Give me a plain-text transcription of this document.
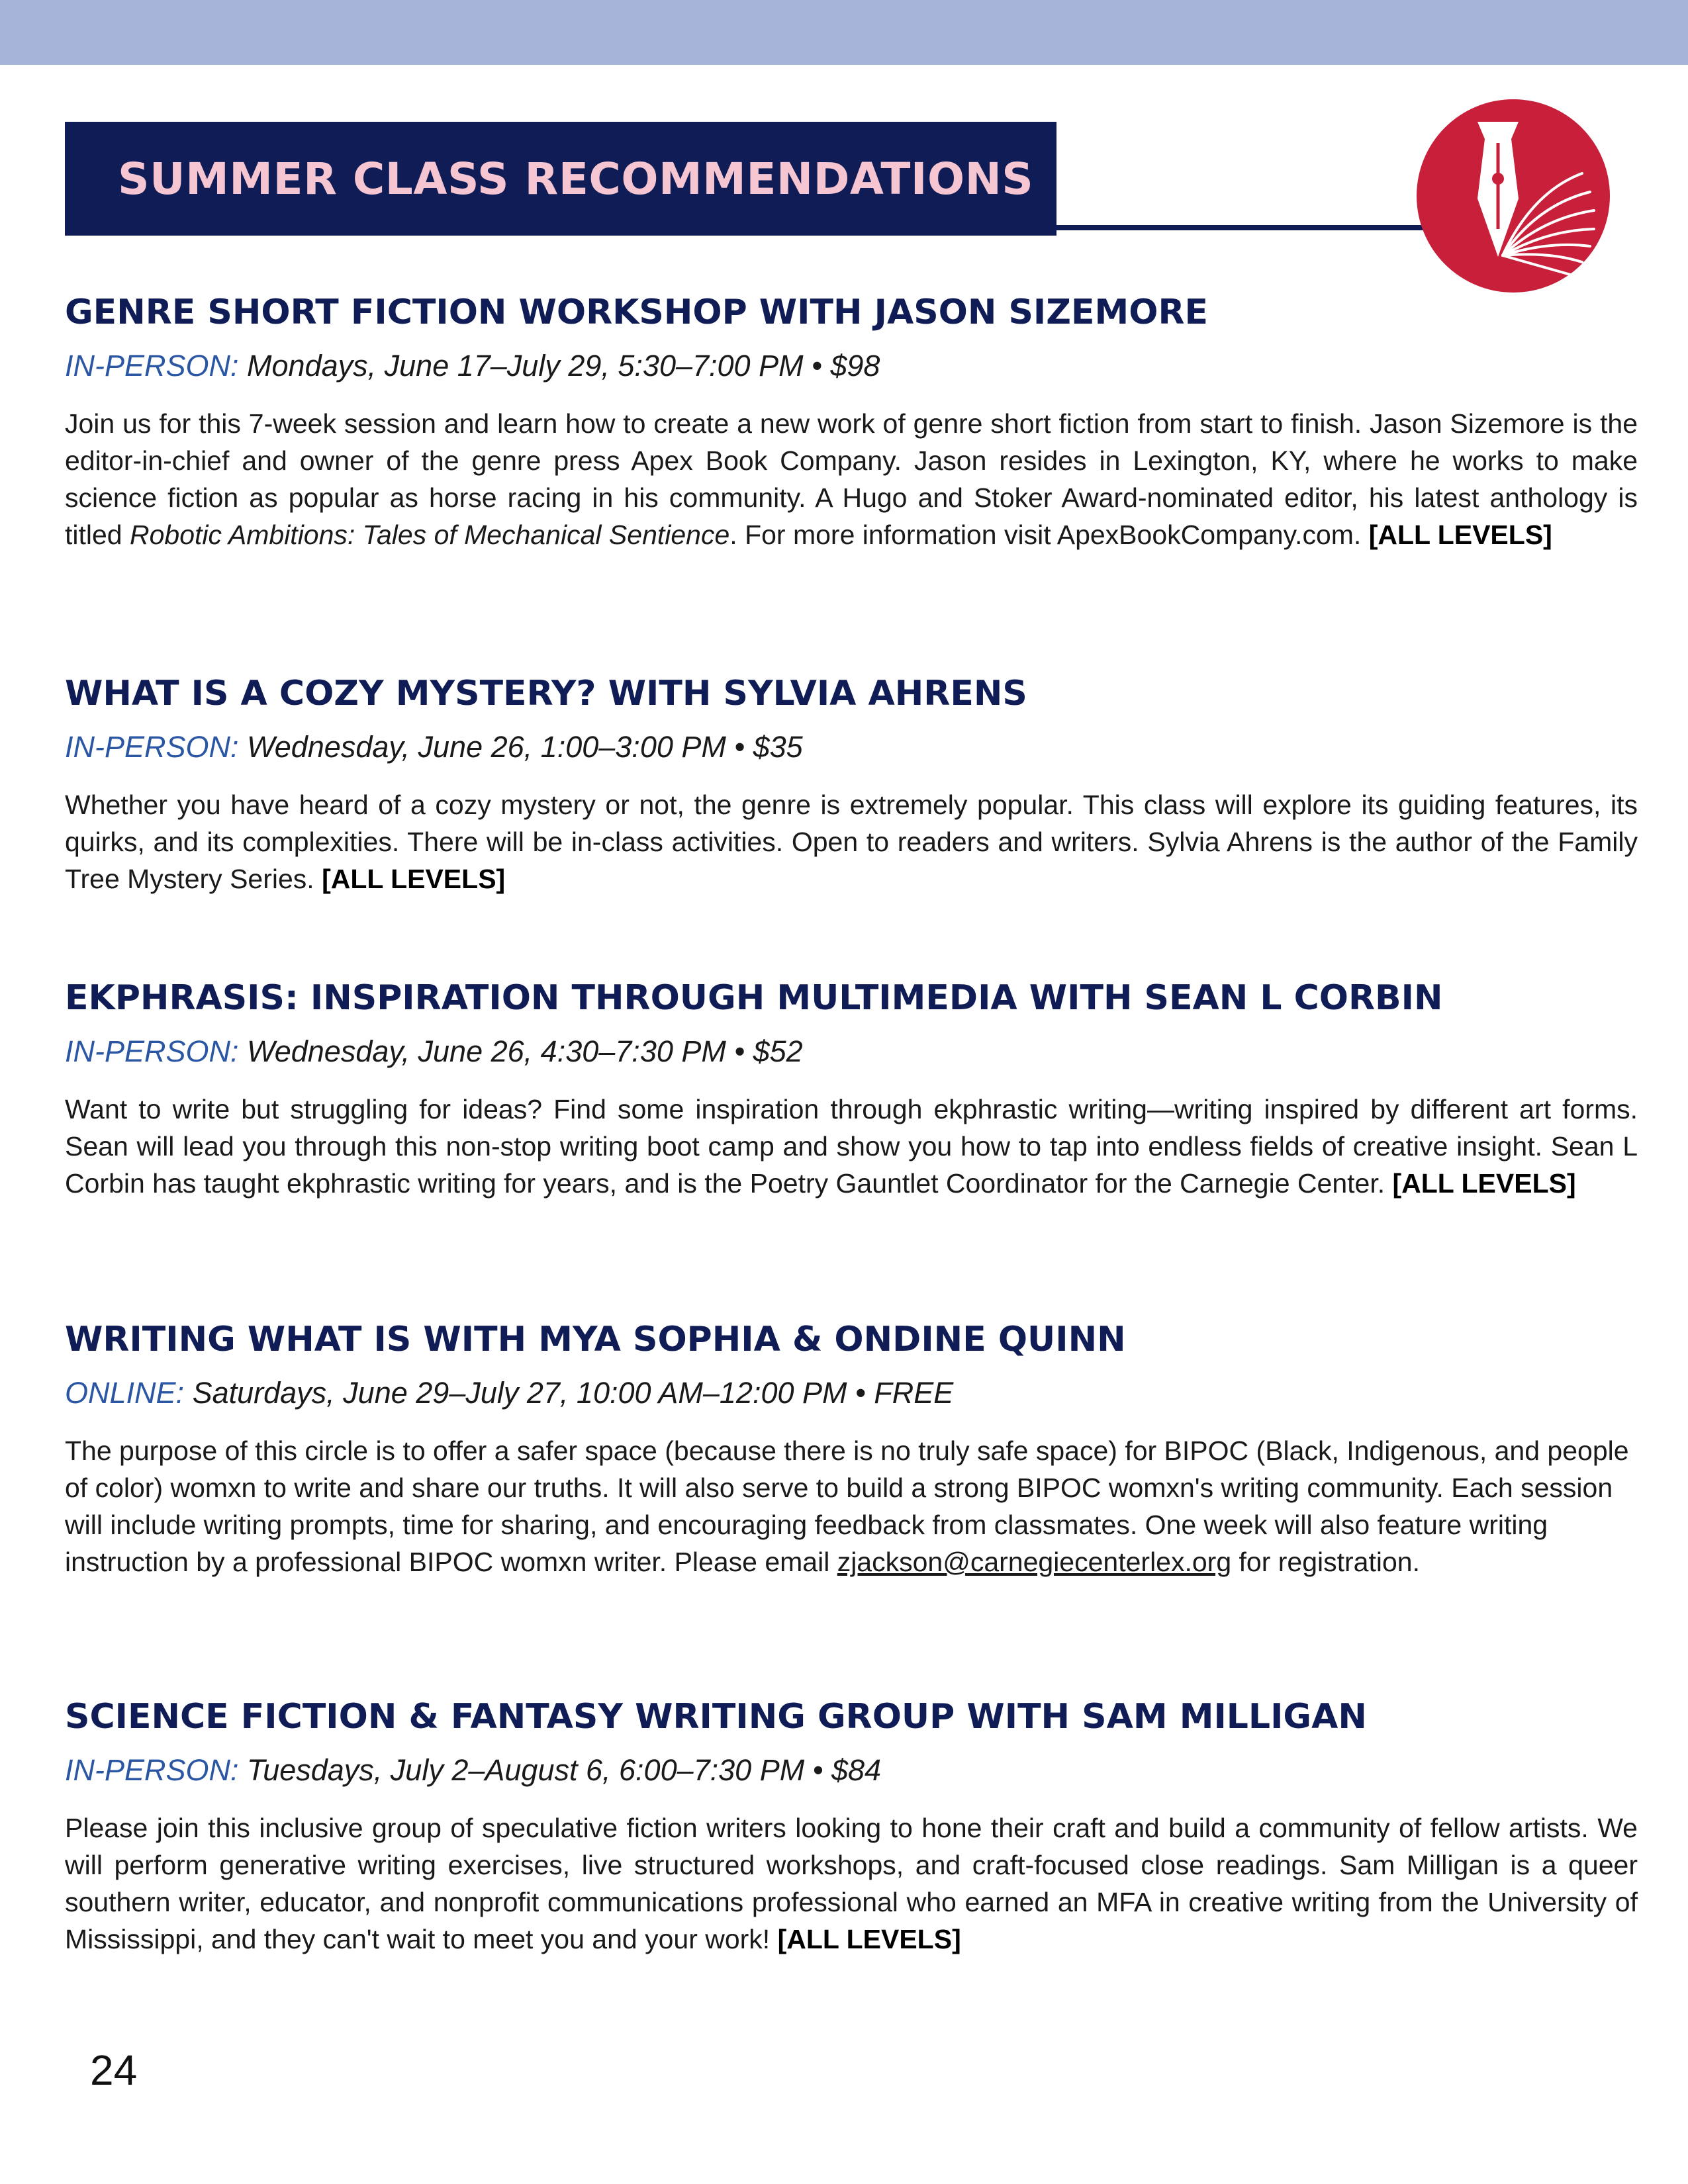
SUMMER CLASS RECOMMENDATIONS
GENRE SHORT FICTION WORKSHOP WITH JASON SIZEMORE
IN-PERSON: Mondays, June 17–July 29, 5:30–7:00 PM • $98

Join us for this 7-week session and learn how to create a new work of genre short fiction from start to finish. Jason Sizemore is the editor-in-chief and owner of the genre press Apex Book Company. Jason resides in Lexington, KY, where he works to make science fiction as popular as horse racing in his community. A Hugo and Stoker Award-nominated editor, his latest anthology is titled Robotic Ambitions: Tales of Mechanical Sentience. For more information visit ApexBookCompany.com. [ALL LEVELS]

WHAT IS A COZY MYSTERY? WITH SYLVIA AHRENS
IN-PERSON: Wednesday, June 26, 1:00–3:00 PM • $35

Whether you have heard of a cozy mystery or not, the genre is extremely popular. This class will explore its guiding features, its quirks, and its complexities. There will be in-class activities. Open to readers and writers. Sylvia Ahrens is the author of the Family Tree Mystery Series. [ALL LEVELS]

EKPHRASIS: INSPIRATION THROUGH MULTIMEDIA WITH SEAN L CORBIN
IN-PERSON: Wednesday, June 26, 4:30–7:30 PM • $52

Want to write but struggling for ideas? Find some inspiration through ekphrastic writing—writing inspired by different art forms. Sean will lead you through this non-stop writing boot camp and show you how to tap into endless fields of creative insight. Sean L Corbin has taught ekphrastic writing for years, and is the Poetry Gauntlet Coordinator for the Carnegie Center. [ALL LEVELS]

WRITING WHAT IS WITH MYA SOPHIA & ONDINE QUINN
ONLINE: Saturdays, June 29–July 27, 10:00 AM–12:00 PM • FREE

The purpose of this circle is to offer a safer space (because there is no truly safe space) for BIPOC (Black, Indigenous, and people of color) womxn to write and share our truths. It will also serve to build a strong BIPOC womxn's writing community. Each session will include writing prompts, time for sharing, and encouraging feedback from classmates. One week will also feature writing instruction by a professional BIPOC womxn writer. Please email zjackson@carnegiecenterlex.org for registration.

SCIENCE FICTION & FANTASY WRITING GROUP WITH SAM MILLIGAN
IN-PERSON: Tuesdays, July 2–August 6, 6:00–7:30 PM • $84

Please join this inclusive group of speculative fiction writers looking to hone their craft and build a community of fellow artists. We will perform generative writing exercises, live structured workshops, and craft-focused close readings. Sam Milligan is a queer southern writer, educator, and nonprofit communications professional who earned an MFA in creative writing from the University of Mississippi, and they can't wait to meet you and your work! [ALL LEVELS]

24
